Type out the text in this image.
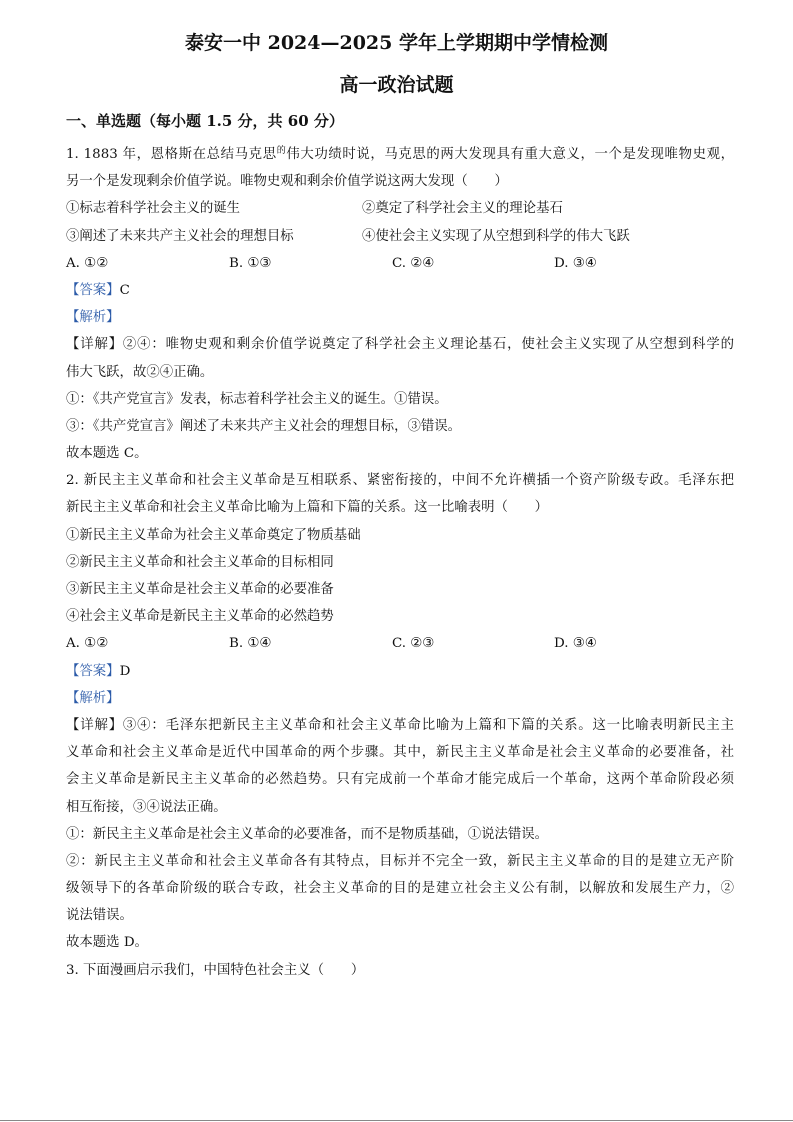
泰安一中 2024—2025 学年上学期期中学情检测
高一政治试题
一、单选题（每小题 1.5 分，共 60 分）
1. 1883 年，恩格斯在总结马克思$^的$伟大功绩时说，马克思的两大发现具有重大意义，一个是发现唯物史观，
另一个是发现剩余价值学说。唯物史观和剩余价值学说这两大发现（　　）
①标志着科学社会主义的诞生	②奠定了科学社会主义的理论基石
③阐述了未来共产主义社会的理想目标	④使社会主义实现了从空想到科学的伟大飞跃
A. ①②	B. ①③	C. ②④	D. ③④
【答案】C
【解析】
【详解】②④：唯物史观和剩余价值学说奠定了科学社会主义理论基石，使社会主义实现了从空想到科学的
伟大飞跃，故②④正确。
①：《共产党宣言》发表，标志着科学社会主义的诞生。①错误。
③：《共产党宣言》阐述了未来共产主义社会的理想目标，③错误。
故本题选 C。
2. 新民主主义革命和社会主义革命是互相联系、紧密衔接的，中间不允许横插一个资产阶级专政。毛泽东把
新民主主义革命和社会主义革命比喻为上篇和下篇的关系。这一比喻表明（　　）
①新民主主义革命为社会主义革命奠定了物质基础
②新民主主义革命和社会主义革命的目标相同
③新民主主义革命是社会主义革命的必要准备
④社会主义革命是新民主主义革命的必然趋势
A. ①②	B. ①④	C. ②③	D. ③④
【答案】D
【解析】
【详解】③④：毛泽东把新民主主义革命和社会主义革命比喻为上篇和下篇的关系。这一比喻表明新民主主
义革命和社会主义革命是近代中国革命的两个步骤。其中，新民主主义革命是社会主义革命的必要准备，社
会主义革命是新民主主义革命的必然趋势。只有完成前一个革命才能完成后一个革命，这两个革命阶段必须
相互衔接，③④说法正确。
①：新民主主义革命是社会主义革命的必要准备，而不是物质基础，①说法错误。
②：新民主主义革命和社会主义革命各有其特点，目标并不完全一致，新民主主义革命的目的是建立无产阶
级领导下的各革命阶级的联合专政，社会主义革命的目的是建立社会主义公有制，以解放和发展生产力，②
说法错误。
故本题选 D。
3. 下面漫画启示我们，中国特色社会主义（　　）
